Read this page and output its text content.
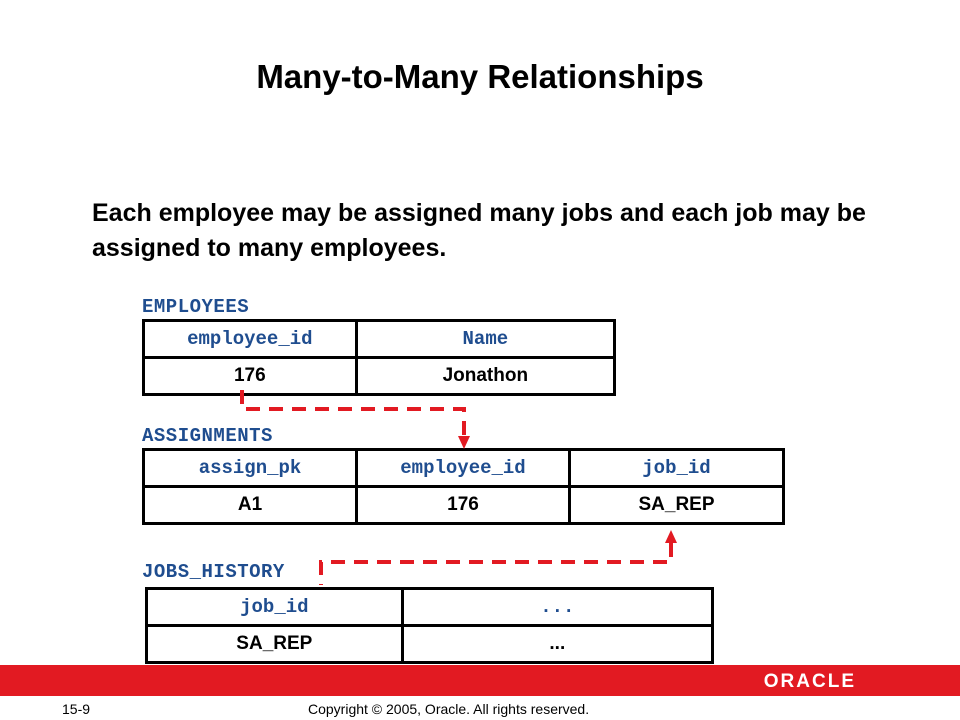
Many-to-Many Relationships
Each employee may be assigned many jobs and each job may be assigned to many employees.
EMPLOYEES
employee_id	Name
176	Jonathon
ASSIGNMENTS
assign_pk	employee_id	job_id
A1	176	SA_REP
JOBS_HISTORY
job_id	...
SA_REP	...
ORACLE
15-9	Copyright © 2005, Oracle. All rights reserved.
